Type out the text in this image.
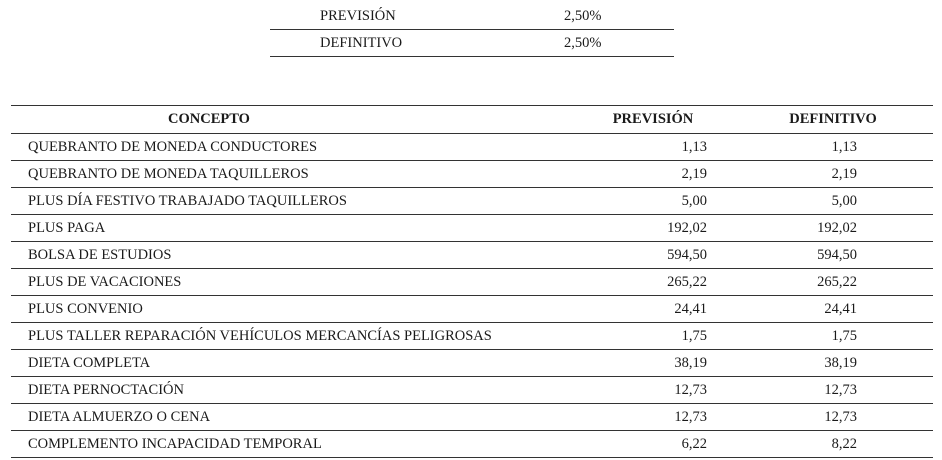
PREVISIÓN	2,50%
DEFINITIVO	2,50%
CONCEPTO	PREVISIÓN	DEFINITIVO
QUEBRANTO DE MONEDA CONDUCTORES	1,13	1,13
QUEBRANTO DE MONEDA TAQUILLEROS	2,19	2,19
PLUS DÍA FESTIVO TRABAJADO TAQUILLEROS	5,00	5,00
PLUS PAGA	192,02	192,02
BOLSA DE ESTUDIOS	594,50	594,50
PLUS DE VACACIONES	265,22	265,22
PLUS CONVENIO	24,41	24,41
PLUS TALLER REPARACIÓN VEHÍCULOS MERCANCÍAS PELIGROSAS	1,75	1,75
DIETA COMPLETA	38,19	38,19
DIETA PERNOCTACIÓN	12,73	12,73
DIETA ALMUERZO O CENA	12,73	12,73
COMPLEMENTO INCAPACIDAD TEMPORAL	6,22	8,22
